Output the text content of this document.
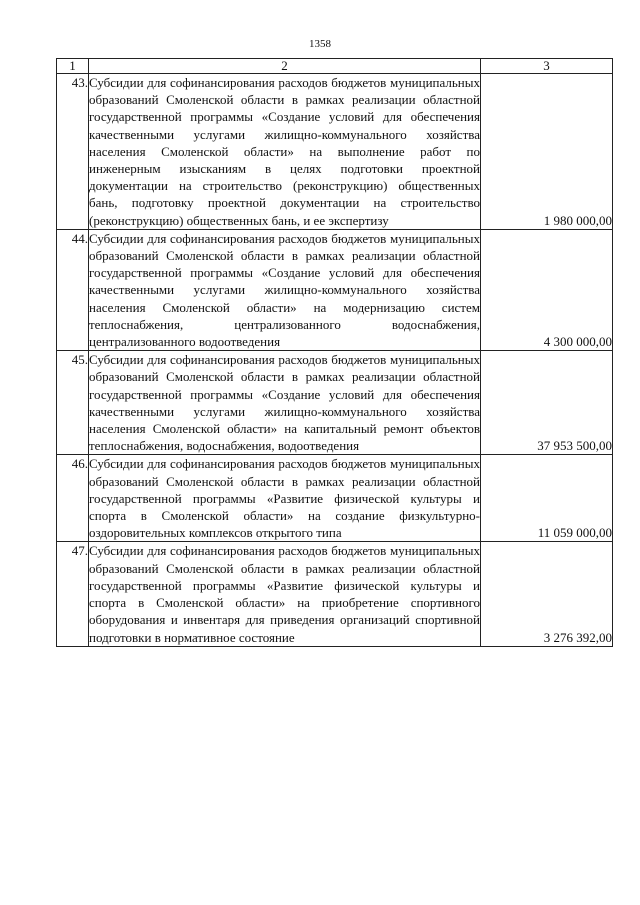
1358
1	2	3
43.	Субсидии для софинансирования расходов бюджетов муниципальных образований Смоленской области в рамках реализации областной государственной программы «Создание условий для обеспечения качественными услугами жилищно-коммунального хозяйства населения Смоленской области» на выполнение работ по инженерным изысканиям в целях подготовки проектной документации на строительство (реконструкцию) общественных бань, подготовку проектной документации на строительство (реконструкцию) общественных бань, и ее экспертизу	1 980 000,00
44.	Субсидии для софинансирования расходов бюджетов муниципальных образований Смоленской области в рамках реализации областной государственной программы «Создание условий для обеспечения качественными услугами жилищно-коммунального хозяйства населения Смоленской области» на модернизацию систем теплоснабжения, централизованного водоснабжения, централизованного водоотведения	4 300 000,00
45.	Субсидии для софинансирования расходов бюджетов муниципальных образований Смоленской области в рамках реализации областной государственной программы «Создание условий для обеспечения качественными услугами жилищно-коммунального хозяйства населения Смоленской области» на капитальный ремонт объектов теплоснабжения, водоснабжения, водоотведения	37 953 500,00
46.	Субсидии для софинансирования расходов бюджетов муниципальных образований Смоленской области в рамках реализации областной государственной программы «Развитие физической культуры и спорта в Смоленской области» на создание физкультурно-оздоровительных комплексов открытого типа	11 059 000,00
47.	Субсидии для софинансирования расходов бюджетов муниципальных образований Смоленской области в рамках реализации областной государственной программы «Развитие физической культуры и спорта в Смоленской области» на приобретение спортивного оборудования и инвентаря для приведения организаций спортивной подготовки в нормативное состояние	3 276 392,00
